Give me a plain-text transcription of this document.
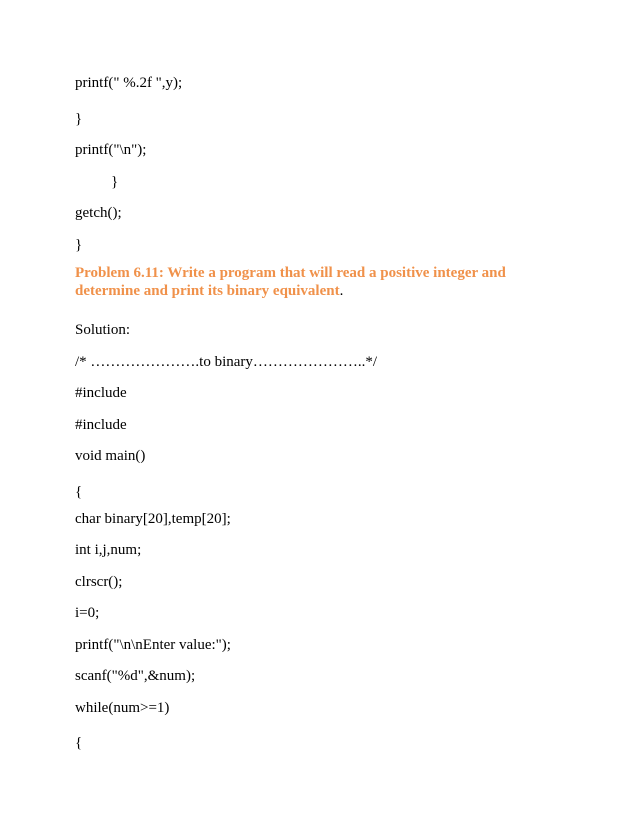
printf(" %.2f ",y);
}
printf("\n");
}
getch();
}
Problem 6.11: Write a program that will read a positive integer and
determine and print its binary equivalent.
Solution:
/* ………………….to binary…………………..*/
#include
#include
void main()
{
char binary[20],temp[20];
int i,j,num;
clrscr();
i=0;
printf("\n\nEnter value:");
scanf("%d",&num);
while(num>=1)
{
